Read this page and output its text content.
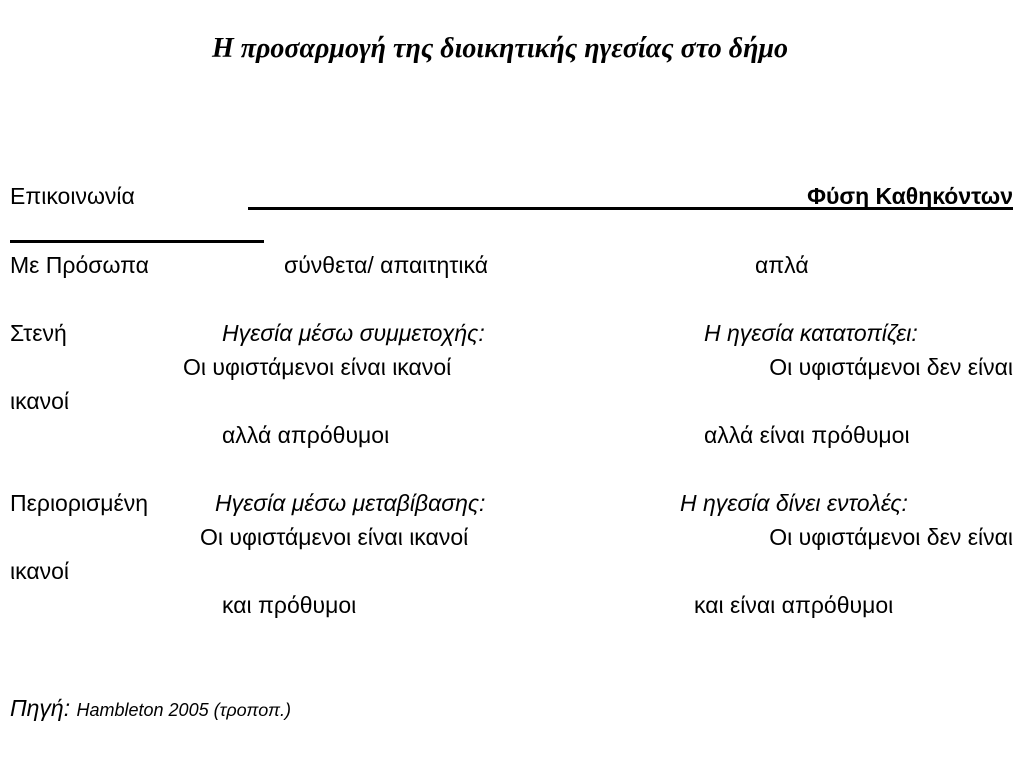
Η προσαρμογή της διοικητικής ηγεσίας στο δήμο
Επικοινωνία	Φύση Καθηκόντων
Με Πρόσωπα	σύνθετα/ απαιτητικά	απλά
Στενή	Ηγεσία μέσω συμμετοχής:	Η ηγεσία κατατοπίζει:
Οι υφιστάμενοι είναι ικανοί	Οι υφιστάμενοι δεν είναι
ικανοί
αλλά απρόθυμοι	αλλά είναι πρόθυμοι
Περιορισμένη	Ηγεσία μέσω μεταβίβασης:	Η ηγεσία δίνει εντολές:
Οι υφιστάμενοι είναι ικανοί	Οι υφιστάμενοι δεν είναι
ικανοί
και πρόθυμοι	και είναι απρόθυμοι
Πηγή: Hambleton 2005 (τροποπ.)
